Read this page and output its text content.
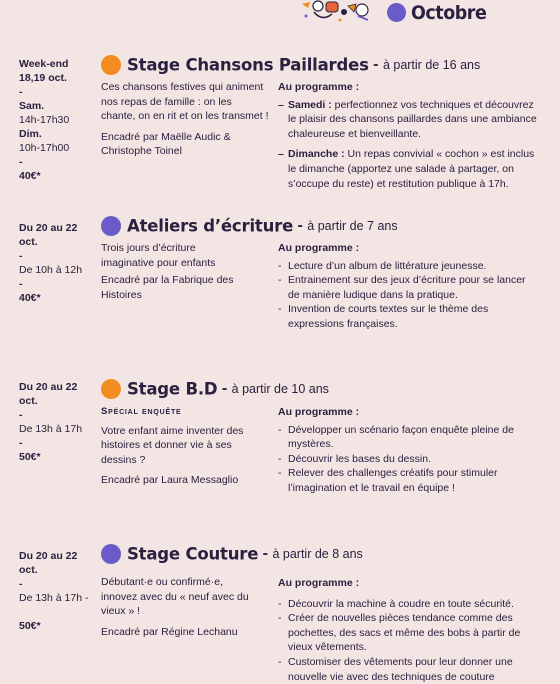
Octobre
Week-end
18,19 oct.
-
Sam.
14h-17h30
Dim.
10h-17h00
-
40€*
Stage Chansons Paillardes - à partir de 16 ans

Ces chansons festives qui animent nos repas de famille : on les chante, on en rit et on les transmet !

Encadré par Maëlle Audic & Christophe Toinel

Au programme :
– Samedi : perfectionnez vos techniques et découvrez le plaisir des chansons paillardes dans une ambiance chaleureuse et bienveillante.
– Dimanche : Un repas convivial « cochon » est inclus le dimanche (apportez une salade à partager, on s’occupe du reste) et restitution publique à 17h.
Du 20 au 22
oct.
-
De 10h à 12h
-
40€*
Ateliers d’écriture - à partir de 7 ans

Trois jours d’écriture imaginative pour enfants

Encadré par la Fabrique des Histoires

Au programme :
- Lecture d’un album de littérature jeunesse.
- Entrainement sur des jeux d’écriture pour se lancer de manière ludique dans la pratique.
- Invention de courts textes sur le thème des expressions françaises.
Du 20 au 22
oct.
-
De 13h à 17h
-
50€*
Stage B.D - à partir de 10 ans
Spécial enquête

Votre enfant aime inventer des histoires et donner vie à ses dessins ?

Encadré par Laura Messaglio

Au programme :
- Développer un scénario façon enquête pleine de mystères.
- Découvrir les bases du dessin.
- Relever des challenges créatifs pour stimuler l’imagination et le travail en équipe !
Du 20 au 22
oct.
-
De 13h à 17h -
50€*
Stage Couture - à partir de 8 ans

Débutant·e ou confirmé·e, innovez avec du « neuf avec du vieux » !

Encadré par Régine Lechanu

Au programme :
- Découvrir la machine à coudre en toute sécurité.
- Créer de nouvelles pièces tendance comme des pochettes, des sacs et même des bobs à partir de vieux vêtements.
- Customiser des vêtements pour leur donner une nouvelle vie avec des techniques de couture
